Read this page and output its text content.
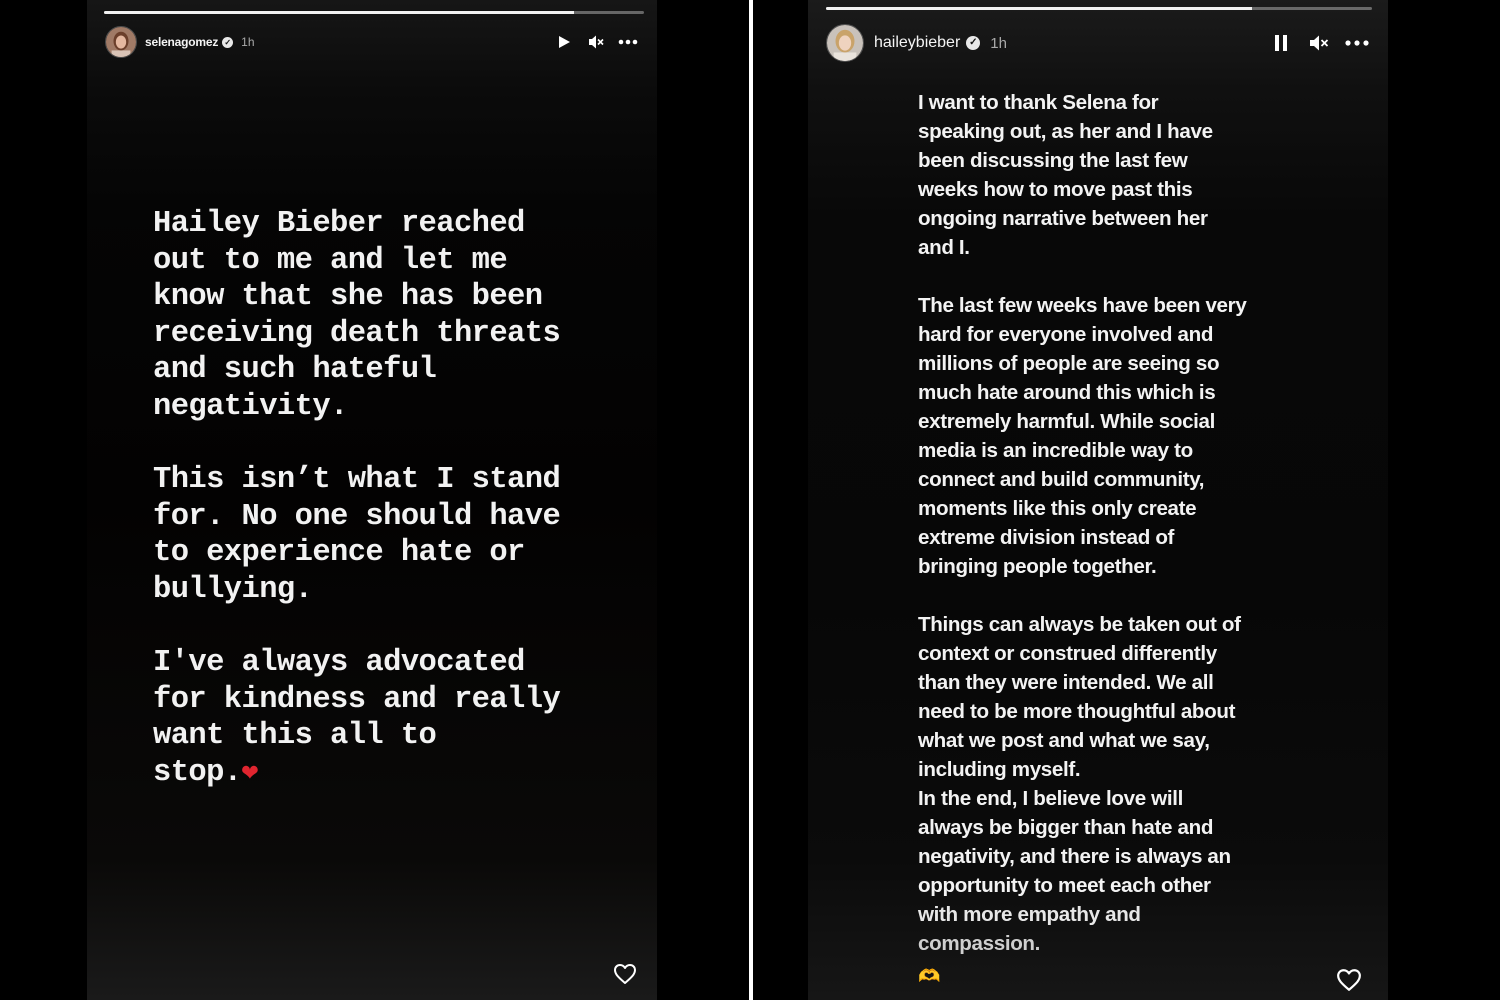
selenagomez ✓ 1h

Hailey Bieber reached
out to me and let me
know that she has been
receiving death threats
and such hateful
negativity.

This isn’t what I stand
for. No one should have
to experience hate or
bullying.

I've always advocated
for kindness and really
want this all to
stop.❤

haileybieber ✓ 1h

I want to thank Selena for
speaking out, as her and I have
been discussing the last few
weeks how to move past this
ongoing narrative between her
and I.

The last few weeks have been very
hard for everyone involved and
millions of people are seeing so
much hate around this which is
extremely harmful. While social
media is an incredible way to
connect and build community,
moments like this only create
extreme division instead of
bringing people together.

Things can always be taken out of
context or construed differently
than they were intended. We all
need to be more thoughtful about
what we post and what we say,
including myself.

In the end, I believe love will
always be bigger than hate and
negativity, and there is always an
opportunity to meet each other

with more empathy and

compassion.

🫶
